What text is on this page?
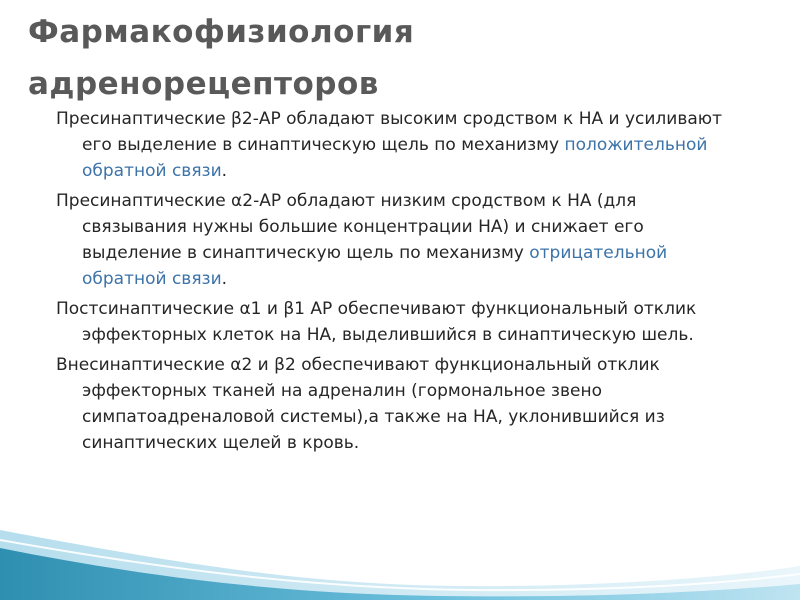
Фармакофизиология
адренорецепторов
Пресинаптические β2-АР обладают высоким сродством к НА и усиливают его выделение в синаптическую щель по механизму положительной обратной связи.
Пресинаптические α2-АР обладают низким сродством к НА (для связывания нужны большие концентрации НА) и снижает его выделение в синаптическую щель по механизму отрицательной обратной связи.
Постсинаптические α1 и β1 АР обеспечивают функциональный отклик эффекторных клеток на НА, выделившийся в синаптическую шель.
Внесинаптические α2 и β2 обеспечивают функциональный отклик эффекторных тканей на адреналин (гормональное звено симпатоадреналовой системы),а также на НА, уклонившийся из синаптических щелей в кровь.
